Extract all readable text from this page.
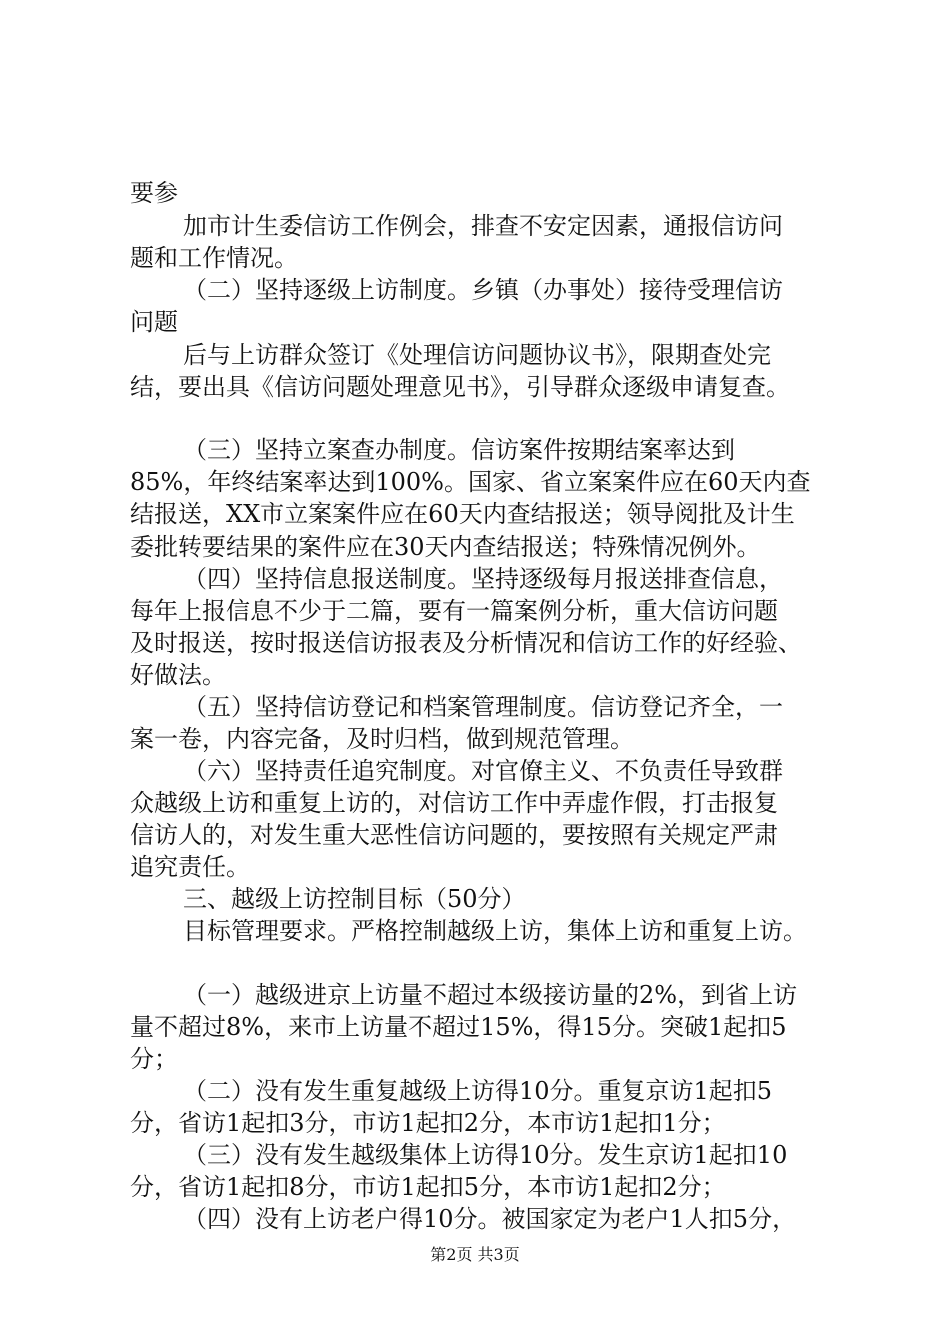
要参
加市计生委信访工作例会，排查不安定因素，通报信访问
题和工作情况。
（二）坚持逐级上访制度。乡镇（办事处）接待受理信访
问题
后与上访群众签订《处理信访问题协议书》，限期查处完
结，要出具《信访问题处理意见书》，引导群众逐级申请复查。
（三）坚持立案查办制度。信访案件按期结案率达到
85%，年终结案率达到100%。国家、省立案案件应在60天内查
结报送，XX市立案案件应在60天内查结报送；领导阅批及计生
委批转要结果的案件应在30天内查结报送；特殊情况例外。
（四）坚持信息报送制度。坚持逐级每月报送排查信息，
每年上报信息不少于二篇，要有一篇案例分析，重大信访问题
及时报送，按时报送信访报表及分析情况和信访工作的好经验、
好做法。
（五）坚持信访登记和档案管理制度。信访登记齐全，一
案一卷，内容完备，及时归档，做到规范管理。
（六）坚持责任追究制度。对官僚主义、不负责任导致群
众越级上访和重复上访的，对信访工作中弄虚作假，打击报复
信访人的，对发生重大恶性信访问题的，要按照有关规定严肃
追究责任。
三、越级上访控制目标（50分）
目标管理要求。严格控制越级上访，集体上访和重复上访。
（一）越级进京上访量不超过本级接访量的2%，到省上访
量不超过8%，来市上访量不超过15%，得15分。突破1起扣5
分；
（二）没有发生重复越级上访得10分。重复京访1起扣5
分，省访1起扣3分，市访1起扣2分，本市访1起扣1分；
（三）没有发生越级集体上访得10分。发生京访1起扣10
分，省访1起扣8分，市访1起扣5分，本市访1起扣2分；
（四）没有上访老户得10分。被国家定为老户1人扣5分，
第2页 共3页
